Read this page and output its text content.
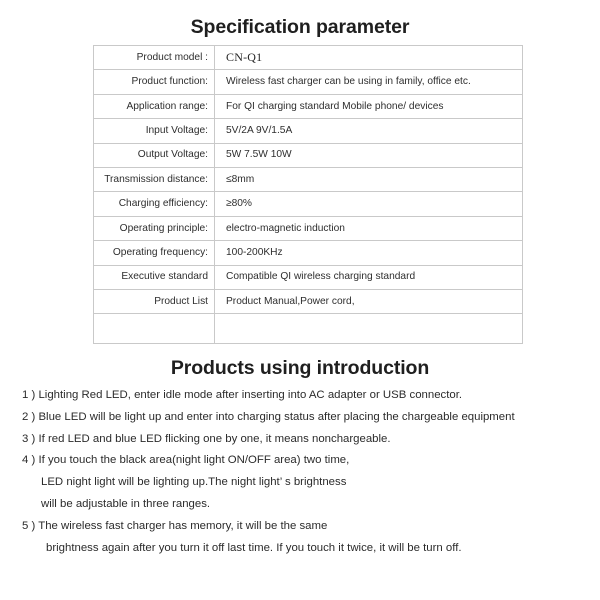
Specification parameter
Product model :	CN-Q1
Product function:	Wireless fast charger can be using in family, office etc.
Application range:	For QI charging standard Mobile phone/ devices
Input Voltage:	5V/2A 9V/1.5A
Output Voltage:	5W 7.5W 10W
Transmission distance:	≤8mm
Charging efficiency:	≥80%
Operating principle:	electro-magnetic induction
Operating frequency:	100-200KHz
Executive standard	Compatible QI wireless charging standard
Product List	Product Manual,Power cord,

Products using introduction
1 ) Lighting Red LED, enter idle mode after inserting into AC adapter or USB connector.
2 ) Blue LED will be light up and enter into charging status after placing the chargeable equipment
3 ) If red LED and blue LED flicking one by one, it means nonchargeable.
4 ) If you touch the black area(night light ON/OFF area) two time,
LED night light will be lighting up.The night light’ s brightness
will be adjustable in three ranges.
5 ) The wireless fast charger has memory, it will be the same
brightness again after you turn it off last time. If you touch it twice, it will be turn off.
